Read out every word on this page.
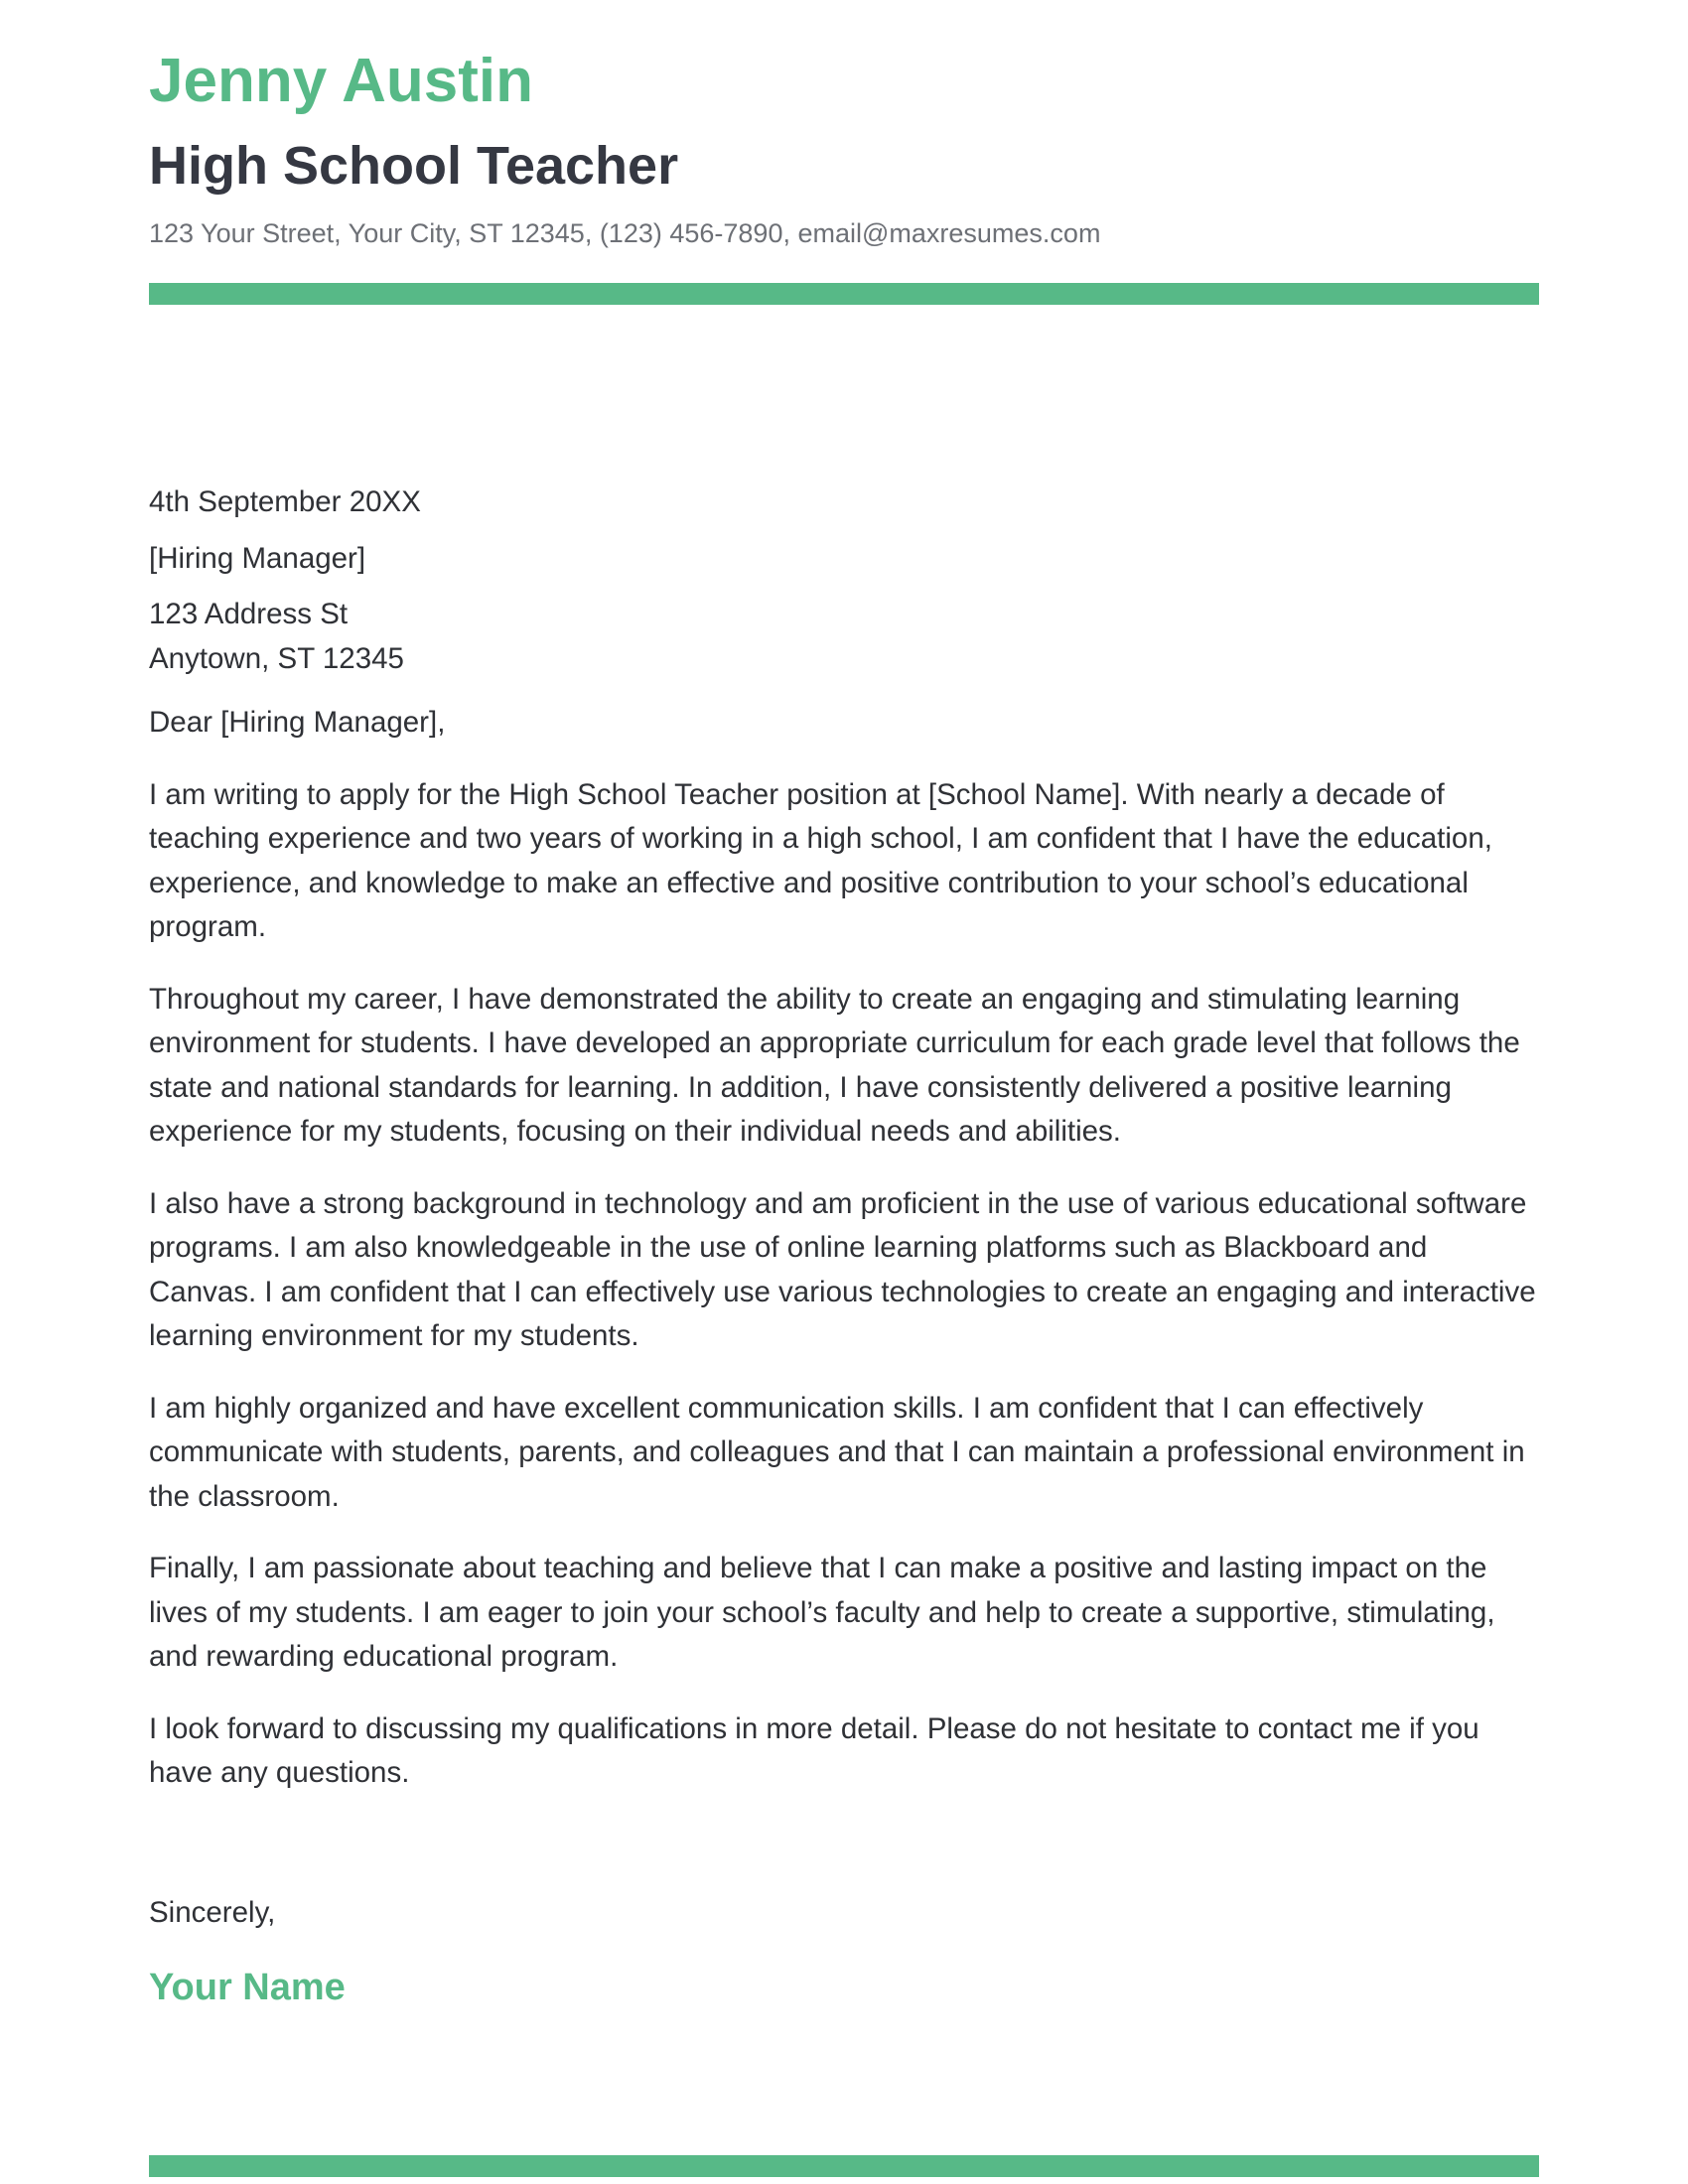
Jenny Austin
High School Teacher
123 Your Street, Your City, ST 12345, (123) 456-7890, email@maxresumes.com

4th September 20XX

[Hiring Manager]

123 Address St
Anytown, ST 12345

Dear [Hiring Manager],

I am writing to apply for the High School Teacher position at [School Name]. With nearly a decade of teaching experience and two years of working in a high school, I am confident that I have the education, experience, and knowledge to make an effective and positive contribution to your school’s educational program.

Throughout my career, I have demonstrated the ability to create an engaging and stimulating learning environment for students. I have developed an appropriate curriculum for each grade level that follows the state and national standards for learning. In addition, I have consistently delivered a positive learning experience for my students, focusing on their individual needs and abilities.

I also have a strong background in technology and am proficient in the use of various educational software programs. I am also knowledgeable in the use of online learning platforms such as Blackboard and Canvas. I am confident that I can effectively use various technologies to create an engaging and interactive learning environment for my students.

I am highly organized and have excellent communication skills. I am confident that I can effectively communicate with students, parents, and colleagues and that I can maintain a professional environment in the classroom.

Finally, I am passionate about teaching and believe that I can make a positive and lasting impact on the lives of my students. I am eager to join your school’s faculty and help to create a supportive, stimulating, and rewarding educational program.

I look forward to discussing my qualifications in more detail. Please do not hesitate to contact me if you have any questions.

Sincerely,
Your Name
